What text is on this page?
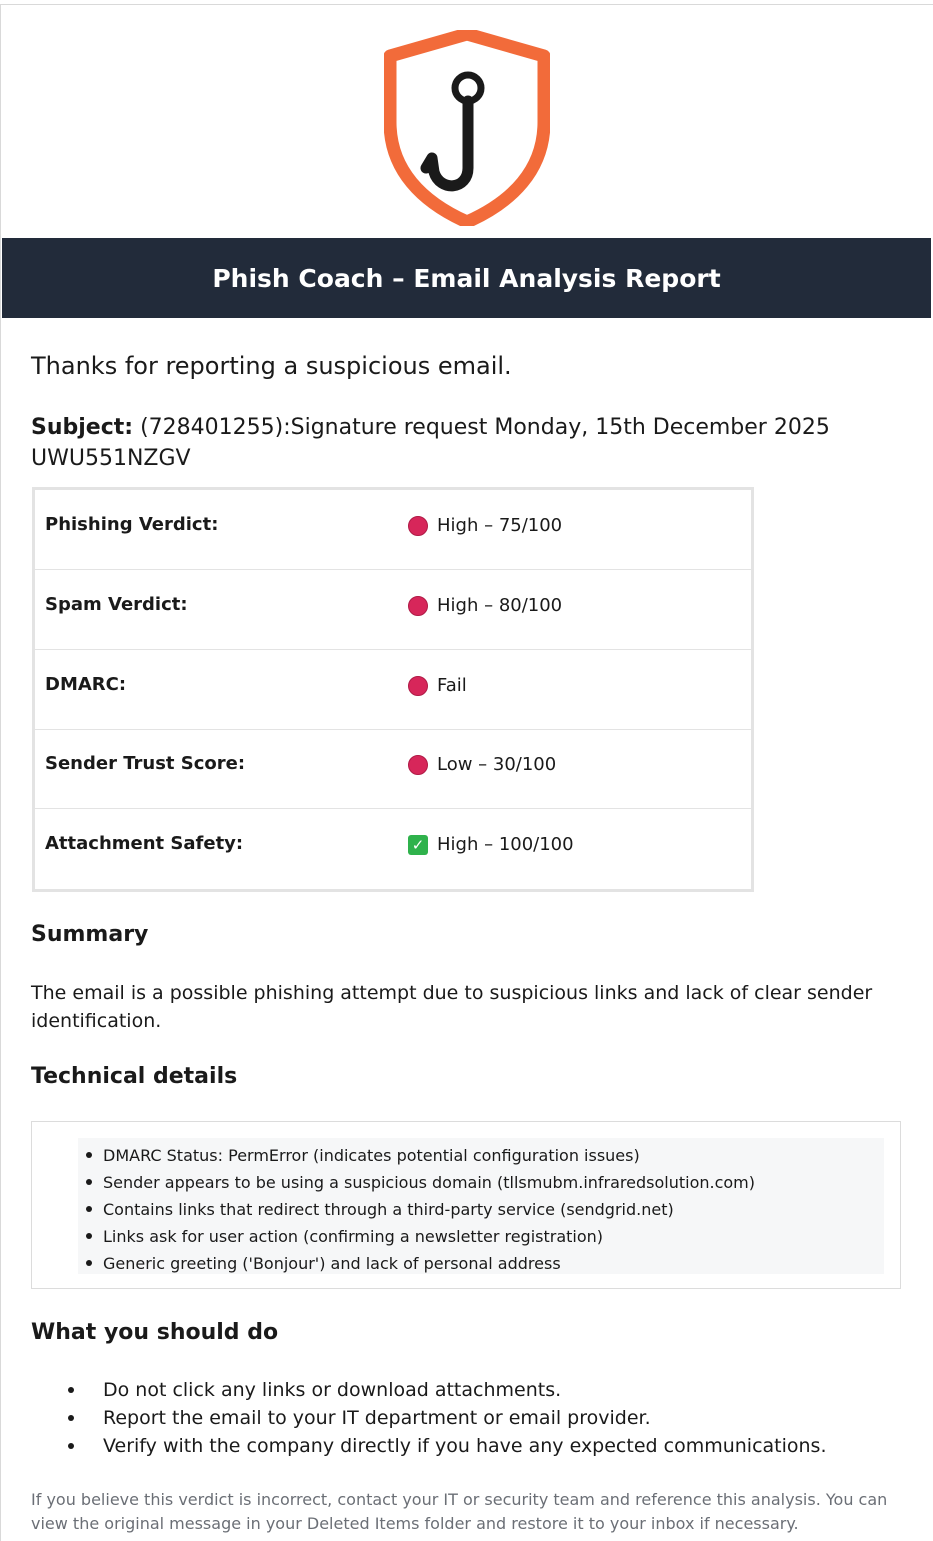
Phish Coach – Email Analysis Report
Thanks for reporting a suspicious email.
Subject: (728401255):Signature request Monday, 15th December 2025 UWU551NZGV
Phishing Verdict:	High – 75/100
Spam Verdict:	High – 80/100
DMARC:	Fail
Sender Trust Score:	Low – 30/100
Attachment Safety:	✓ High – 100/100
Summary
The email is a possible phishing attempt due to suspicious links and lack of clear sender identification.
Technical details
DMARC Status: PermError (indicates potential configuration issues)
Sender appears to be using a suspicious domain (tllsmubm.infraredsolution.com)
Contains links that redirect through a third-party service (sendgrid.net)
Links ask for user action (confirming a newsletter registration)
Generic greeting ('Bonjour') and lack of personal address
What you should do
Do not click any links or download attachments.
Report the email to your IT department or email provider.
Verify with the company directly if you have any expected communications.
If you believe this verdict is incorrect, contact your IT or security team and reference this analysis. You can view the original message in your Deleted Items folder and restore it to your inbox if necessary.
